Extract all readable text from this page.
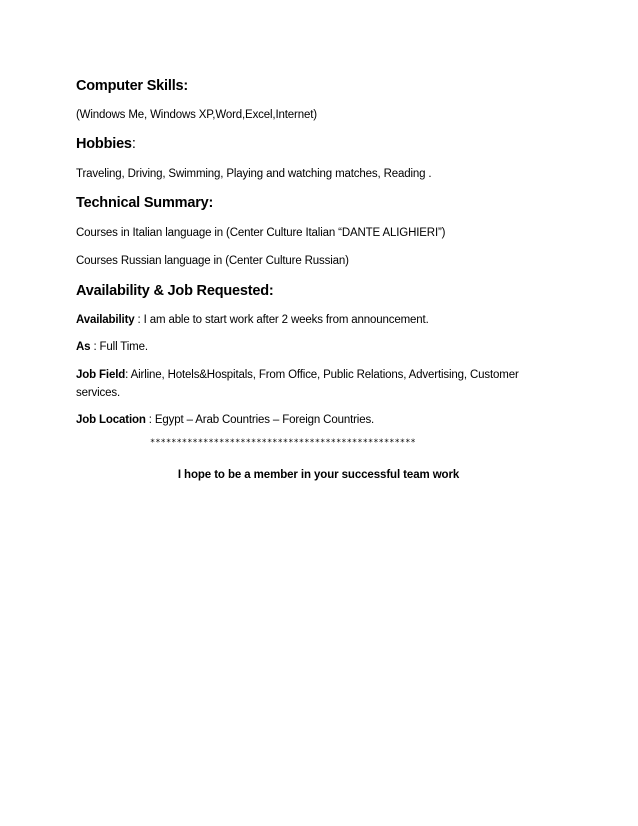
Computer Skills:
(Windows Me, Windows XP,Word,Excel,Internet)
Hobbies:
Traveling, Driving, Swimming, Playing and watching matches, Reading .
Technical Summary:
Courses in Italian language in (Center Culture Italian “DANTE ALIGHIERI”)
Courses Russian language in (Center Culture Russian)
Availability & Job Requested:
Availability : I am able to start work after 2 weeks from announcement.
As : Full Time.
Job Field: Airline, Hotels&Hospitals, From Office, Public Relations, Advertising, Customer services.
Job Location : Egypt – Arab Countries – Foreign Countries.
**************************************************
I hope to be a member in your successful team work
